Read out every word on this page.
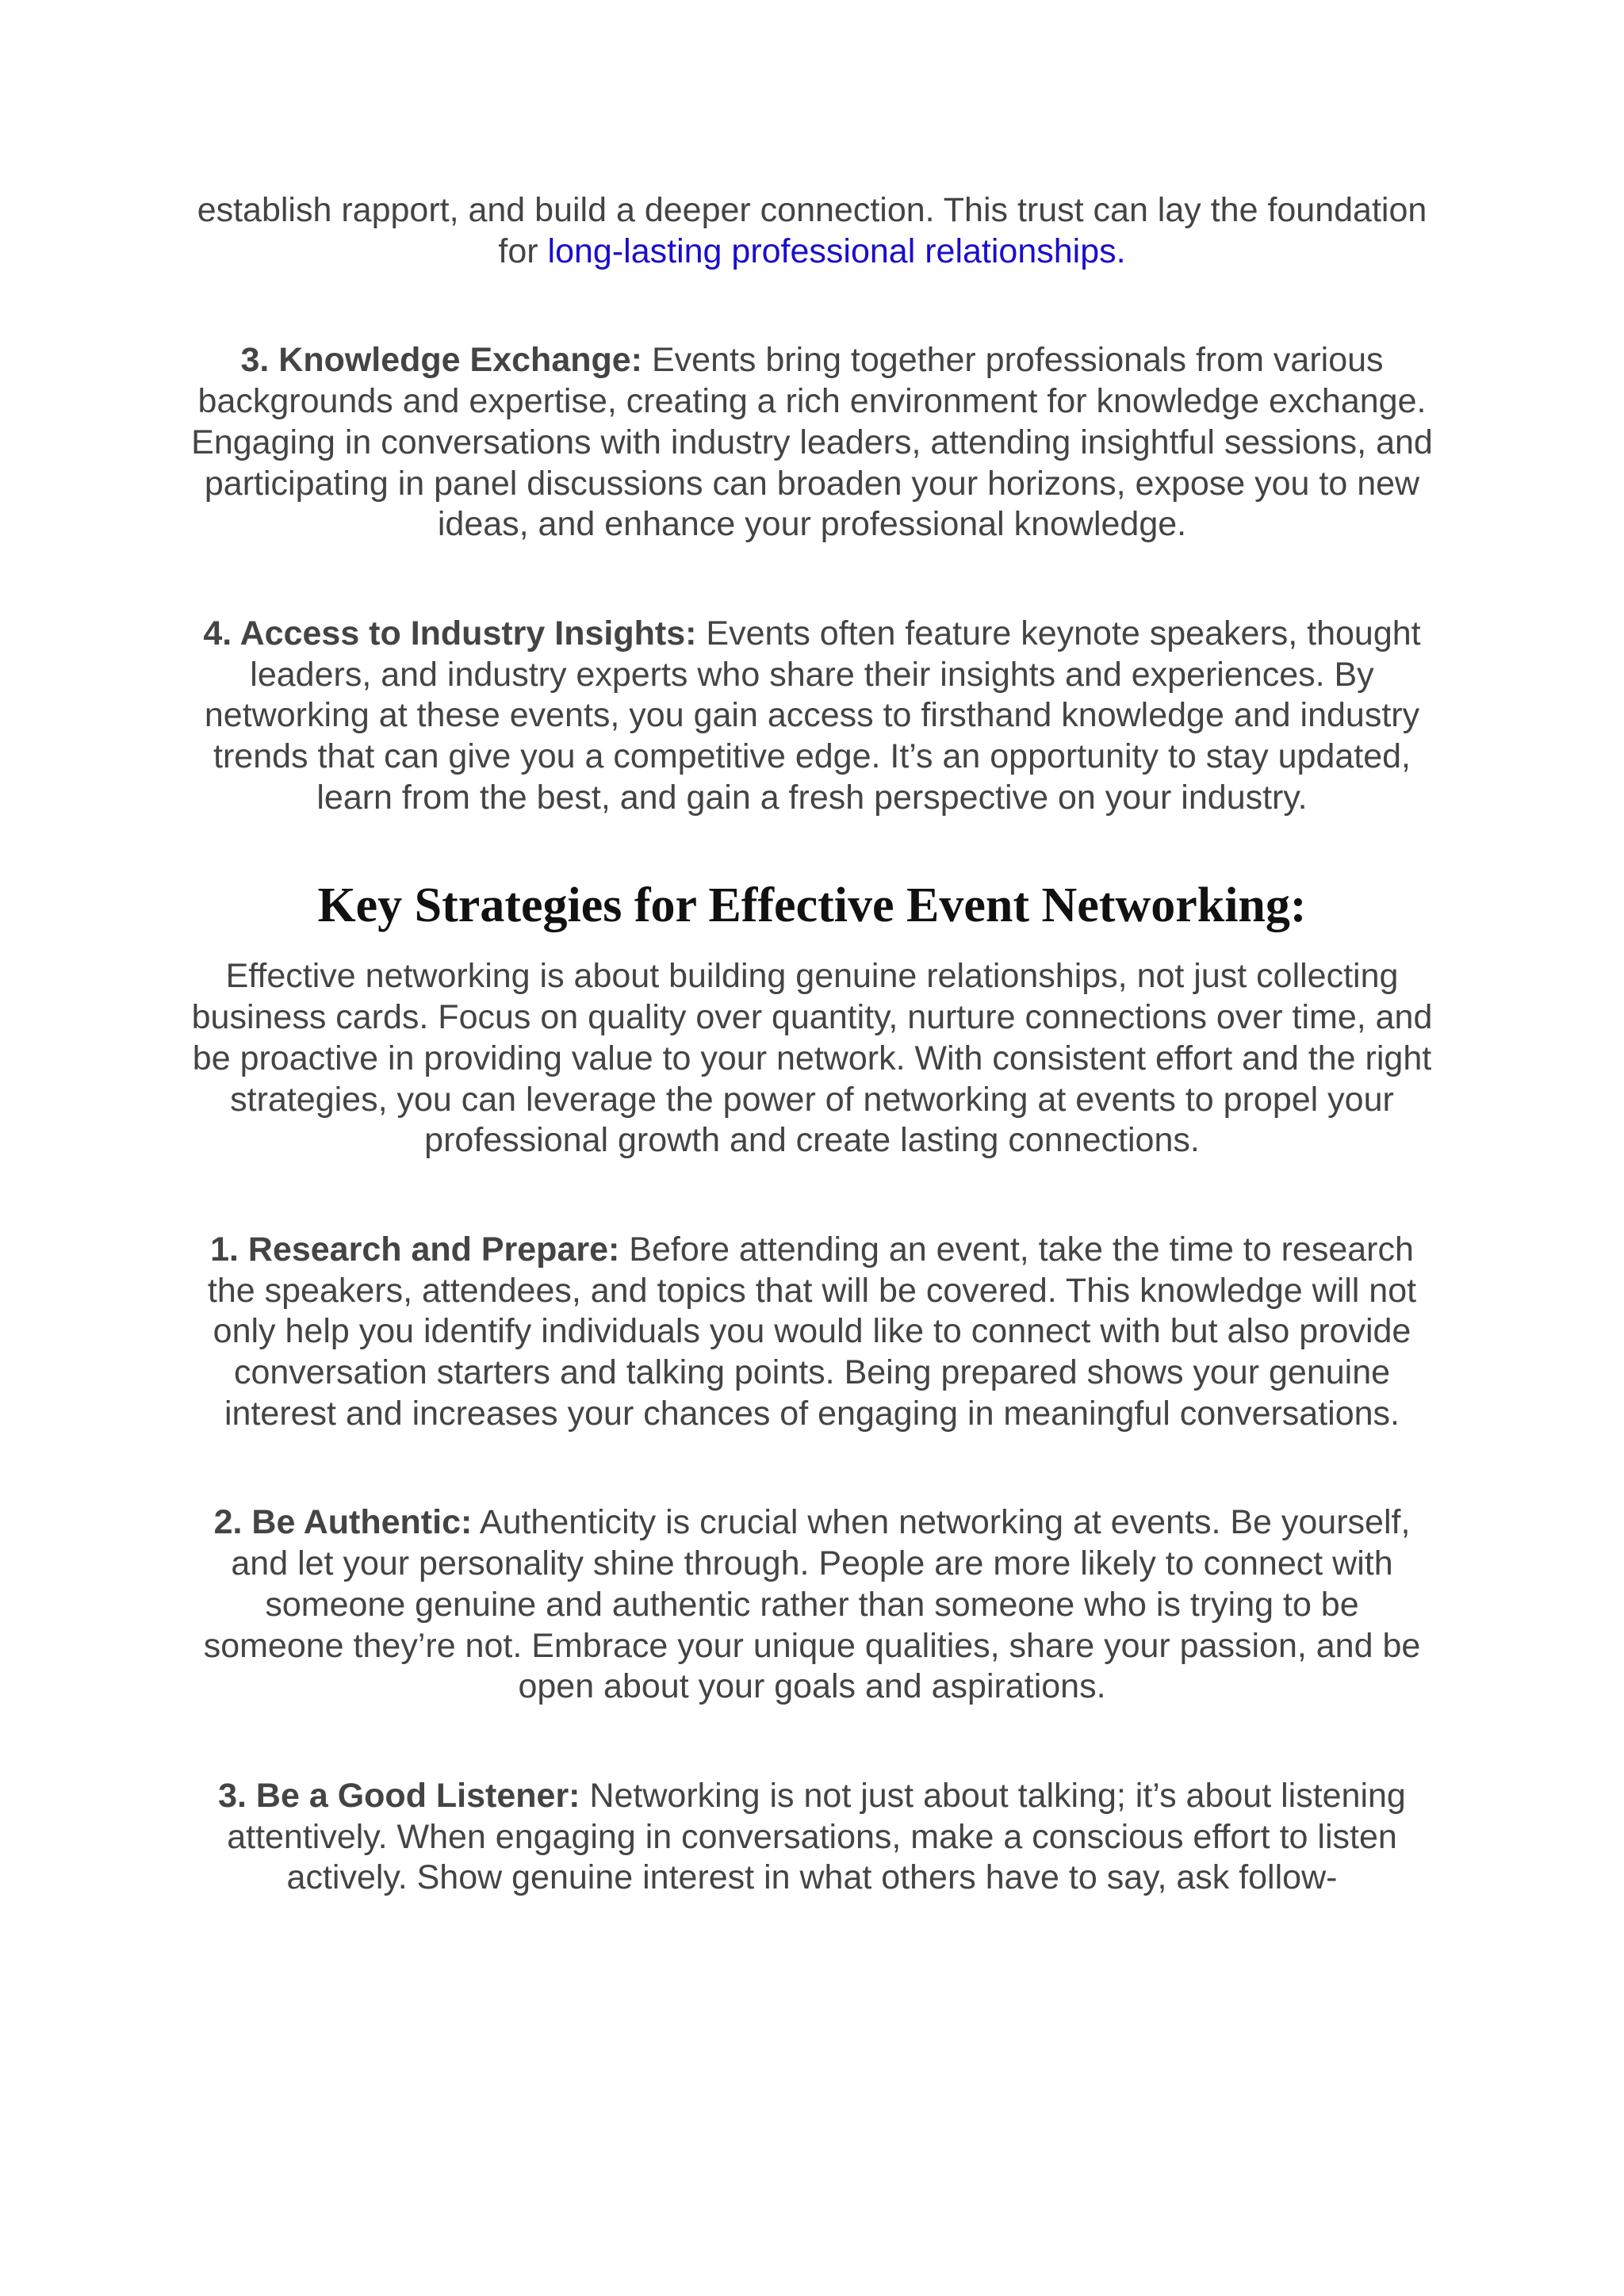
establish rapport, and build a deeper connection. This trust can lay the foundation for long-lasting professional relationships.

3. Knowledge Exchange: Events bring together professionals from various backgrounds and expertise, creating a rich environment for knowledge exchange. Engaging in conversations with industry leaders, attending insightful sessions, and participating in panel discussions can broaden your horizons, expose you to new ideas, and enhance your professional knowledge.

4. Access to Industry Insights: Events often feature keynote speakers, thought leaders, and industry experts who share their insights and experiences. By networking at these events, you gain access to firsthand knowledge and industry trends that can give you a competitive edge. It’s an opportunity to stay updated, learn from the best, and gain a fresh perspective on your industry.

Key Strategies for Effective Event Networking:

Effective networking is about building genuine relationships, not just collecting business cards. Focus on quality over quantity, nurture connections over time, and be proactive in providing value to your network. With consistent effort and the right strategies, you can leverage the power of networking at events to propel your professional growth and create lasting connections.

1. Research and Prepare: Before attending an event, take the time to research the speakers, attendees, and topics that will be covered. This knowledge will not only help you identify individuals you would like to connect with but also provide conversation starters and talking points. Being prepared shows your genuine interest and increases your chances of engaging in meaningful conversations.

2. Be Authentic: Authenticity is crucial when networking at events. Be yourself, and let your personality shine through. People are more likely to connect with someone genuine and authentic rather than someone who is trying to be someone they’re not. Embrace your unique qualities, share your passion, and be open about your goals and aspirations.

3. Be a Good Listener: Networking is not just about talking; it’s about listening attentively. When engaging in conversations, make a conscious effort to listen actively. Show genuine interest in what others have to say, ask follow-
